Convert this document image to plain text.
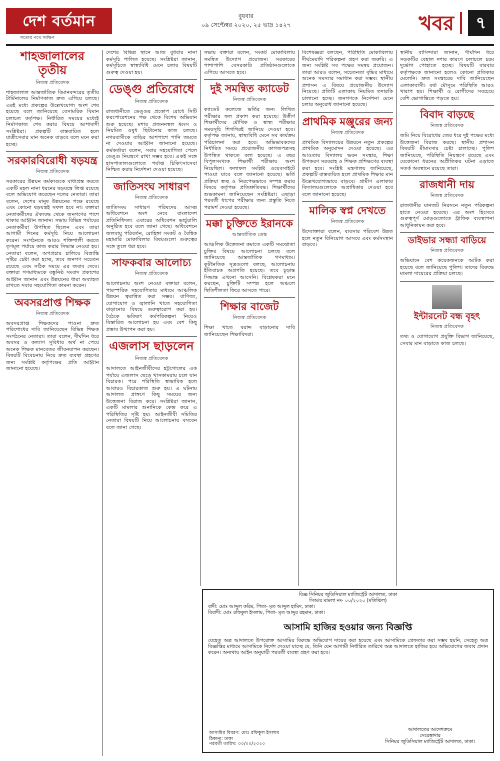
দেশ বর্তমান
সত্যের পথে সর্বক্ষণ
বুধবার
০৯ সেপ্টেম্বর ২০২০, ২৫ ভাদ্র ১৪২৭	খবর	৭
শাহজালালের তৃতীয়
নিজস্ব প্রতিবেদক
শাহজালাল আন্তর্জাতিক বিমানবন্দরের তৃতীয় টার্মিনালের নির্মাণকাজ দ্রুত এগিয়ে চলছে। এরই মধ্যে প্রকল্পের উল্লেখযোগ্য অংশ শেষ হয়েছে বলে জানিয়েছে বেসামরিক বিমান চলাচল কর্তৃপক্ষ। নির্ধারিত সময়ের মধ্যেই নির্মাণকাজ শেষ করার বিষয়ে আশাবাদী সংশ্লিষ্টরা। প্রকল্পটি বাস্তবায়িত হলে যাত্রীসেবার মান অনেক বাড়বে বলে মনে করা হচ্ছে।
সরকারবিরোধী ষড়যন্ত্র
নিজস্ব প্রতিবেদক
সরকারের উন্নয়ন কর্মকাণ্ডকে বাধাগ্রস্ত করতে একটি মহল নানা ধরনের ষড়যন্ত্রে লিপ্ত রয়েছে বলে অভিযোগ করেছেন দলের নেতারা। তারা বলেন, দেশের মানুষ উন্নয়নের পক্ষে রয়েছে এবং কোনো ষড়যন্ত্রই সফল হবে না। বক্তারা নেতাকর্মীদের ঐক্যবদ্ধ থেকে জনগণের পাশে থাকার আহ্বান জানান। সভায় বিভিন্ন পর্যায়ের নেতাকর্মীরা উপস্থিত ছিলেন এবং তারা আগামী দিনের কর্মসূচি নিয়ে আলোচনা করেন। সংগঠনকে আরও শক্তিশালী করতে তৃণমূল পর্যায়ে কাজ করার সিদ্ধান্ত নেওয়া হয়। নেতারা বলেন, অপপ্রচার চালিয়ে বিভ্রান্তি সৃষ্টির চেষ্টা করা হচ্ছে, তবে জনগণ সচেতন রয়েছে এবং সঠিক সময়ে এর জবাব দেবে। বক্তারা গণমাধ্যমকে বস্তুনিষ্ঠ সংবাদ প্রকাশের আহ্বান জানান এবং উন্নয়নের ধারা অব্যাহত রাখতে সবার সহযোগিতা কামনা করেন।
অবসরপ্রাপ্ত শিক্ষক
নিজস্ব প্রতিবেদক
অবসরপ্রাপ্ত শিক্ষকদের পাওনা দ্রুত পরিশোধের দাবি জানিয়েছেন বিভিন্ন শিক্ষক সংগঠনের নেতারা। তারা বলেন, দীর্ঘদিন ধরে অবসর ও কল্যাণ সুবিধার অর্থ না পেয়ে অনেক শিক্ষক মানবেতর জীবনযাপন করছেন। বিষয়টি বিবেচনায় নিয়ে দ্রুত ব্যবস্থা গ্রহণের জন্য সংশ্লিষ্ট কর্তৃপক্ষের প্রতি আহ্বান জানানো হয়েছে।
দেশের বিভিন্ন স্থানে আজ বুধবার নানা কর্মসূচি পালিত হয়েছে। সংশ্লিষ্টরা জানান, কর্মসূচিতে স্বাস্থ্যবিধি মেনে চলার বিষয়টি গুরুত্ব দেওয়া হয়।
ডেঙ্গু প্রতিরোধে
নিজস্ব প্রতিবেদক
রাজধানীতে ডেঙ্গুর প্রকোপ রোধে সিটি করপোরেশনের পক্ষ থেকে বিশেষ অভিযান শুরু হয়েছে। মশার প্রজননস্থল ধ্বংস ও নিয়মিত ওষুধ ছিটানোর কাজ চলছে। নগরবাসীকে বাড়ির আশপাশে পানি জমতে না দেওয়ার আহ্বান জানানো হয়েছে। কর্মকর্তারা বলেন, সবার সহযোগিতা পেলে ডেঙ্গু নিয়ন্ত্রণে রাখা সম্ভব হবে। একই সঙ্গে হাসপাতালগুলোতে পর্যাপ্ত চিকিৎসাসেবা নিশ্চিত করার নির্দেশনা দেওয়া হয়েছে।
জাতিসংঘ সাধারণ
নিজস্ব প্রতিবেদক
জাতিসংঘ সাধারণ পরিষদের আসন্ন অধিবেশনে অংশ নেবে বাংলাদেশ প্রতিনিধিদল। এবারের অধিবেশন ভার্চুয়ালি অনুষ্ঠিত হবে বলে জানা গেছে। অধিবেশনে জলবায়ু পরিবর্তন, রোহিঙ্গা সংকট ও বৈশ্বিক মহামারি মোকাবিলার বিষয়গুলো গুরুত্বের সঙ্গে তুলে ধরা হবে।
সাফকবার আলোচ্য
নিজস্ব প্রতিবেদক
আলোচনায় অংশ নেওয়া বক্তারা বলেন, পারস্পরিক সহযোগিতার মাধ্যমে আঞ্চলিক উন্নয়ন ত্বরান্বিত করা সম্ভব। বাণিজ্য, যোগাযোগ ও জ্বালানি খাতে সহযোগিতা বাড়ানোর বিষয়ে গুরুত্বারোপ করা হয়। বৈঠকে ভবিষ্যৎ কর্মপরিকল্পনা নিয়েও বিস্তারিত আলোচনা হয় এবং বেশ কিছু প্রস্তাব উত্থাপন করা হয়।
এজলাস ছাড়লেন
নিজস্ব প্রতিবেদক
আদালতে আইনজীবীদের হট্টগোলের এক পর্যায়ে এজলাস ছেড়ে খাসকামরায় চলে যান বিচারক। পরে পরিস্থিতি স্বাভাবিক হলে আবারও বিচারকাজ শুরু হয়। এ ঘটনায় আদালত প্রাঙ্গণে কিছু সময়ের জন্য উত্তেজনা বিরাজ করে। সংশ্লিষ্টরা জানান, একটি মামলার শুনানিকে কেন্দ্র করে এ পরিস্থিতির সৃষ্টি হয়। আইনজীবী সমিতির নেতারা বিষয়টি নিয়ে আলোচনায় বসবেন বলে জানা গেছে।
সভায় বক্তারা বলেন, সংকট মোকাবিলায় সমন্বিত উদ্যোগ প্রয়োজন। সরকারের পাশাপাশি বেসরকারি প্রতিষ্ঠানগুলোকে এগিয়ে আসতে হবে।
দুই সমন্বিত ক্যাডেট
নিজস্ব প্রতিবেদক
ক্যাডেট কলেজে ভর্তির জন্য লিখিত পরীক্ষার ফল প্রকাশ করা হয়েছে। উত্তীর্ণ শিক্ষার্থীদের মৌখিক ও স্বাস্থ্য পরীক্ষার সময়সূচি শিগগিরই জানিয়ে দেওয়া হবে। কর্তৃপক্ষ জানায়, স্বাস্থ্যবিধি মেনে সব কার্যক্রম পরিচালনা করা হবে। অভিভাবকদের নির্ধারিত সময়ে প্রয়োজনীয় কাগজপত্রসহ উপস্থিত থাকতে বলা হয়েছে। এ বছর বিপুলসংখ্যক শিক্ষার্থী পরীক্ষায় অংশ নিয়েছিল। ফলাফল সংশ্লিষ্ট ওয়েবসাইটে পাওয়া যাবে বলে জানানো হয়েছে। ভর্তি প্রক্রিয়া স্বচ্ছ ও নিরপেক্ষভাবে সম্পন্ন করার বিষয়ে কর্তৃপক্ষ প্রতিশ্রুতিবদ্ধ। শিক্ষার্থীদের শুভকামনা জানিয়েছেন সংশ্লিষ্টরা। এছাড়া পরবর্তী ধাপের পরীক্ষার জন্য প্রস্তুতি নিতে পরামর্শ দেওয়া হয়েছে।
মক্কা চুক্তিতে ইরানকে
আন্তর্জাতিক ডেস্ক
আঞ্চলিক উত্তেজনা কমাতে একটি সমঝোতা চুক্তির বিষয়ে আলোচনা চলছে বলে জানিয়েছে আন্তর্জাতিক গণমাধ্যম। কূটনৈতিক সূত্রগুলো বলছে, আলোচনায় ইতিবাচক অগ্রগতি হয়েছে। তবে চূড়ান্ত সিদ্ধান্ত এখনো আসেনি। বিশ্লেষকরা মনে করছেন, চুক্তিটি সম্পন্ন হলে অঞ্চলে স্থিতিশীলতা ফিরে আসতে পারে।
শিক্ষার বাজেট
নিজস্ব প্রতিবেদক
শিক্ষা খাতে বরাদ্দ বাড়ানোর দাবি জানিয়েছেন শিক্ষাবিদরা।
বিশেষজ্ঞরা বলছেন, পরিস্থিতি মোকাবিলায় দীর্ঘমেয়াদি পরিকল্পনা গ্রহণ করা জরুরি। এ জন্য সংশ্লিষ্ট সব পক্ষের সমন্বয় প্রয়োজন। তারা আরও বলেন, সচেতনতা বৃদ্ধির মাধ্যমে অনেক সমস্যার সমাধান করা সম্ভব। স্থানীয় প্রশাসন এ বিষয়ে প্রয়োজনীয় উদ্যোগ নিয়েছে। প্রতিটি এলাকায় নিয়মিত তদারকি চালানো হচ্ছে। জনগণকে নির্দেশনা মেনে চলার অনুরোধ জানানো হয়েছে।
প্রাথমিক মঞ্জুরের জন্য
নিজস্ব প্রতিবেদক
প্রাথমিক বিদ্যালয়ের উন্নয়নে নতুন প্রকল্পের প্রাথমিক অনুমোদন দেওয়া হয়েছে। এর আওতায় বিদ্যালয় ভবন সংস্কার, শিক্ষা উপকরণ সরবরাহ ও শিক্ষক প্রশিক্ষণের ব্যবস্থা করা হবে। সংশ্লিষ্ট মন্ত্রণালয় জানিয়েছে, প্রকল্পটি বাস্তবায়িত হলে প্রাথমিক শিক্ষার মান উল্লেখযোগ্যভাবে বাড়বে। গ্রামীণ এলাকার বিদ্যালয়গুলোকে অগ্রাধিকার দেওয়া হবে বলে জানানো হয়েছে।
মালিক স্বপ্ন দেখতে
নিজস্ব প্রতিবেদক
উদ্যোক্তারা বলেন, ব্যবসার পরিবেশ উন্নত হলে নতুন বিনিয়োগ আসবে এবং কর্মসংস্থান বাড়বে।
স্থানীয় বাসিন্দারা জানান, দীর্ঘদিন ধরে সড়কটির বেহাল দশার কারণে চলাচলে চরম দুর্ভোগ পোহাতে হচ্ছে। বিষয়টি বারবার কর্তৃপক্ষকে জানানো হলেও কোনো প্রতিকার মেলেনি। দ্রুত সংস্কারের দাবি জানিয়েছেন এলাকাবাসী। বর্ষা মৌসুমে পরিস্থিতি আরও খারাপ হয়। শিক্ষার্থী ও রোগীদের সবচেয়ে বেশি ভোগান্তিতে পড়তে হয়।
বিবাদ বাড়ছে
নিজস্ব প্রতিবেদক
জমি নিয়ে বিরোধের জের ধরে দুই পক্ষের মধ্যে উত্তেজনা বিরাজ করছে। স্থানীয় প্রশাসন বিষয়টি মীমাংসার চেষ্টা চালাচ্ছে। পুলিশ জানিয়েছে, পরিস্থিতি নিয়ন্ত্রণে রয়েছে এবং যেকোনো ধরনের অপ্রীতিকর ঘটনা এড়াতে সতর্ক অবস্থানে রয়েছে তারা।
রাজধানী দায়
নিজস্ব প্রতিবেদক
রাজধানীর যানজট নিরসনে নতুন পরিকল্পনা হাতে নেওয়া হয়েছে। এর অংশ হিসেবে গুরুত্বপূর্ণ মোড়গুলোতে ট্রাফিক ব্যবস্থাপনা আধুনিকায়ন করা হবে।
ডাইভার সন্ধ্যা বাড়িয়ে
নিজস্ব প্রতিবেদক
অভিযানে বেশ কয়েকজনকে আটক করা হয়েছে বলে জানিয়েছে পুলিশ। তাদের বিরুদ্ধে মামলা দায়েরের প্রক্রিয়া চলছে।
ইন্টারনেট বন্ধ বৃহৎ
নিজস্ব প্রতিবেদক
তথ্য ও যোগাযোগ প্রযুক্তি বিভাগ জানিয়েছে, সেবার মান বাড়াতে কাজ চলছে।
বিজ্ঞ সিনিয়র জুডিসিয়াল ম্যাজিস্ট্রেট আদালত, ঢাকা
সিআর মামলা নং- ০০/২০২০ (মতিঝিল)
বাদী: মোঃ আব্দুল করিম, পিতা- মৃত আব্দুল হামিদ, ঢাকা।
বিবাদী: মোঃ রফিকুল ইসলাম, পিতা- মৃত আব্দুর রহমান, ঢাকা।
আসামি হাজির হওয়ার জন্য বিজ্ঞপ্তি
যেহেতু অত্র আদালতে উপরোক্ত আসামির বিরুদ্ধে অভিযোগ দায়ের করা হয়েছে এবং আসামিকে গ্রেফতার করা সম্ভব হয়নি, সেহেতু অত্র বিজ্ঞপ্তির মাধ্যমে আসামিকে নির্দেশ দেওয়া যাচ্ছে যে, তিনি যেন আগামী নির্ধারিত তারিখে অত্র আদালতে হাজির হয়ে অভিযোগের জবাব প্রদান করেন। অন্যথায় আইন অনুযায়ী পরবর্তী ব্যবস্থা গ্রহণ করা হবে।
আসামির বিবরণ: মোঃ রফিকুল ইসলাম
ঠিকানা: ঢাকা
পরবর্তী তারিখ: ০০/০০/২০২০
আদালতের আদেশক্রমে
সেরেস্তাদার
সিনিয়র জুডিসিয়াল ম্যাজিস্ট্রেট আদালত, ঢাকা।
